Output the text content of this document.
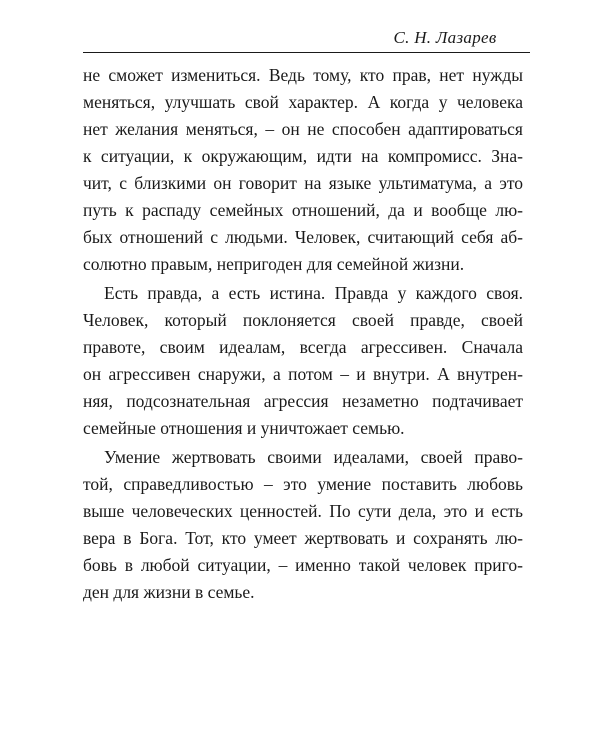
С. Н. Лазарев
не сможет измениться. Ведь тому, кто прав, нет нужды
меняться, улучшать свой характер. А когда у человека
нет желания меняться, – он не способен адаптироваться
к ситуации, к окружающим, идти на компромисс. Зна-
чит, с близкими он говорит на языке ультиматума, а это
путь к распаду семейных отношений, да и вообще лю-
бых отношений с людьми. Человек, считающий себя аб-
солютно правым, непригоден для семейной жизни.
Есть правда, а есть истина. Правда у каждого своя.
Человек, который поклоняется своей правде, своей
правоте, своим идеалам, всегда агрессивен. Сначала
он агрессивен снаружи, а потом – и внутри. А внутрен-
няя, подсознательная агрессия незаметно подтачивает
семейные отношения и уничтожает семью.
Умение жертвовать своими идеалами, своей право-
той, справедливостью – это умение поставить любовь
выше человеческих ценностей. По сути дела, это и есть
вера в Бога. Тот, кто умеет жертвовать и сохранять лю-
бовь в любой ситуации, – именно такой человек приго-
ден для жизни в семье.
